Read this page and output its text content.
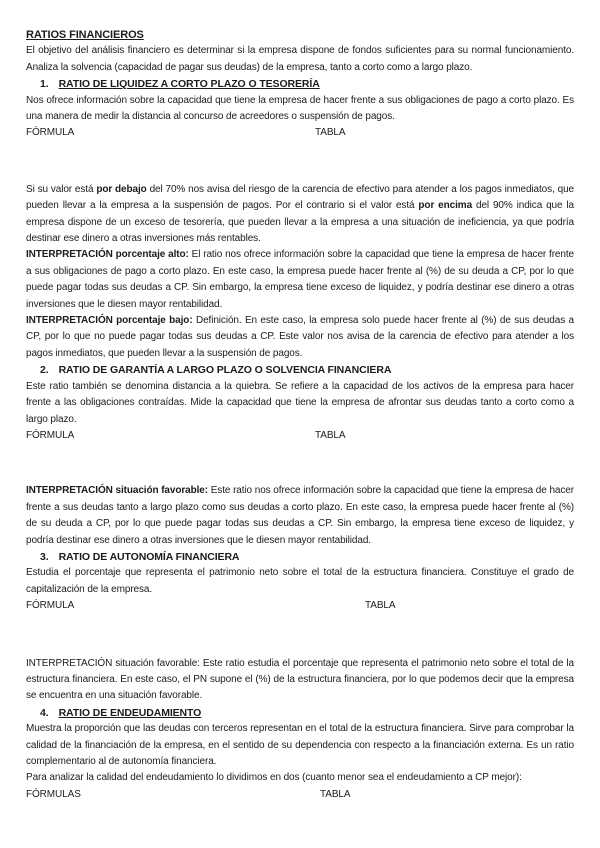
RATIOS FINANCIEROS

El objetivo del análisis financiero es determinar si la empresa dispone de fondos suficientes para su normal funcionamiento. Analiza la solvencia (capacidad de pagar sus deudas) de la empresa, tanto a corto como a largo plazo.

1. RATIO DE LIQUIDEZ A CORTO PLAZO O TESORERÍA

Nos ofrece información sobre la capacidad que tiene la empresa de hacer frente a sus obligaciones de pago a corto plazo. Es una manera de medir la distancia al concurso de acreedores o suspensión de pagos.

FÓRMULA	TABLA

Si su valor está por debajo del 70% nos avisa del riesgo de la carencia de efectivo para atender a los pagos inmediatos, que pueden llevar a la empresa a la suspensión de pagos. Por el contrario si el valor está por encima del 90% indica que la empresa dispone de un exceso de tesorería, que pueden llevar a la empresa a una situación de ineficiencia, ya que podría destinar ese dinero a otras inversiones más rentables.

INTERPRETACIÓN porcentaje alto: El ratio nos ofrece información sobre la capacidad que tiene la empresa de hacer frente a sus obligaciones de pago a corto plazo. En este caso, la empresa puede hacer frente al (%) de su deuda a CP, por lo que puede pagar todas sus deudas a CP. Sin embargo, la empresa tiene exceso de liquidez, y podría destinar ese dinero a otras inversiones que le diesen mayor rentabilidad.

INTERPRETACIÓN porcentaje bajo: Definición. En este caso, la empresa solo puede hacer frente al (%) de sus deudas a CP, por lo que no puede pagar todas sus deudas a CP. Este valor nos avisa de la carencia de efectivo para atender a los pagos inmediatos, que pueden llevar a la suspensión de pagos.

2. RATIO DE GARANTÍA A LARGO PLAZO O SOLVENCIA FINANCIERA

Este ratio también se denomina distancia a la quiebra. Se refiere a la capacidad de los activos de la empresa para hacer frente a las obligaciones contraídas. Mide la capacidad que tiene la empresa de afrontar sus deudas tanto a corto como a largo plazo.

FÓRMULA	TABLA

INTERPRETACIÓN situación favorable: Este ratio nos ofrece información sobre la capacidad que tiene la empresa de hacer frente a sus deudas tanto a largo plazo como sus deudas a corto plazo. En este caso, la empresa puede hacer frente al (%) de su deuda a CP, por lo que puede pagar todas sus deudas a CP. Sin embargo, la empresa tiene exceso de liquidez, y podría destinar ese dinero a otras inversiones que le diesen mayor rentabilidad.

3. RATIO DE AUTONOMÍA FINANCIERA

Estudia el porcentaje que representa el patrimonio neto sobre el total de la estructura financiera. Constituye el grado de capitalización de la empresa.

FÓRMULA	TABLA

INTERPRETACIÓN situación favorable: Este ratio estudia el porcentaje que representa el patrimonio neto sobre el total de la estructura financiera. En este caso, el PN supone el (%) de la estructura financiera, por lo que podemos decir que la empresa se encuentra en una situación favorable.

4. RATIO DE ENDEUDAMIENTO

Muestra la proporción que las deudas con terceros representan en el total de la estructura financiera. Sirve para comprobar la calidad de la financiación de la empresa, en el sentido de su dependencia con respecto a la financiación externa. Es un ratio complementario al de autonomía financiera.

Para analizar la calidad del endeudamiento lo dividimos en dos (cuanto menor sea el endeudamiento a CP mejor):

FÓRMULAS	TABLA
